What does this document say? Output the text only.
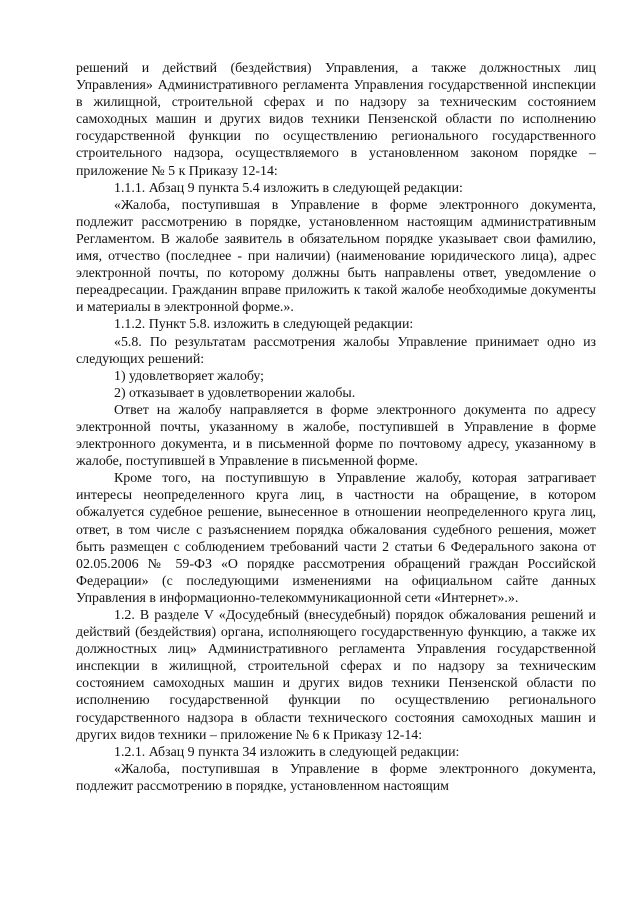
решений и действий (бездействия) Управления, а также должностных лиц Управления» Административного регламента Управления государственной инспекции в жилищной, строительной сферах и по надзору за техническим состоянием самоходных машин и других видов техники Пензенской области по исполнению государственной функции по осуществлению регионального государственного строительного надзора, осуществляемого в установленном законом порядке – приложение № 5 к Приказу 12-14:

1.1.1. Абзац 9 пункта 5.4 изложить в следующей редакции:

«Жалоба, поступившая в Управление в форме электронного документа, подлежит рассмотрению в порядке, установленном настоящим административным Регламентом. В жалобе заявитель в обязательном порядке указывает свои фамилию, имя, отчество (последнее - при наличии) (наименование юридического лица), адрес электронной почты, по которому должны быть направлены ответ, уведомление о переадресации. Гражданин вправе приложить к такой жалобе необходимые документы и материалы в электронной форме.».

1.1.2. Пункт 5.8. изложить в следующей редакции:

«5.8. По результатам рассмотрения жалобы Управление принимает одно из следующих решений:

1) удовлетворяет жалобу;

2) отказывает в удовлетворении жалобы.

Ответ на жалобу направляется в форме электронного документа по адресу электронной почты, указанному в жалобе, поступившей в Управление в форме электронного документа, и в письменной форме по почтовому адресу, указанному в жалобе, поступившей в Управление в письменной форме.

Кроме того, на поступившую в Управление жалобу, которая затрагивает интересы неопределенного круга лиц, в частности на обращение, в котором обжалуется судебное решение, вынесенное в отношении неопределенного круга лиц, ответ, в том числе с разъяснением порядка обжалования судебного решения, может быть размещен с соблюдением требований части 2 статьи 6 Федерального закона от 02.05.2006 № 59-ФЗ «О порядке рассмотрения обращений граждан Российской Федерации» (с последующими изменениями на официальном сайте данных Управления в информационно-телекоммуникационной сети «Интернет».».

1.2. В разделе V «Досудебный (внесудебный) порядок обжалования решений и действий (бездействия) органа, исполняющего государственную функцию, а также их должностных лиц» Административного регламента Управления государственной инспекции в жилищной, строительной сферах и по надзору за техническим состоянием самоходных машин и других видов техники Пензенской области по исполнению государственной функции по осуществлению регионального государственного надзора в области технического состояния самоходных машин и других видов техники – приложение № 6 к Приказу 12-14:

1.2.1. Абзац 9 пункта 34 изложить в следующей редакции:

«Жалоба, поступившая в Управление в форме электронного документа, подлежит рассмотрению в порядке, установленном настоящим
